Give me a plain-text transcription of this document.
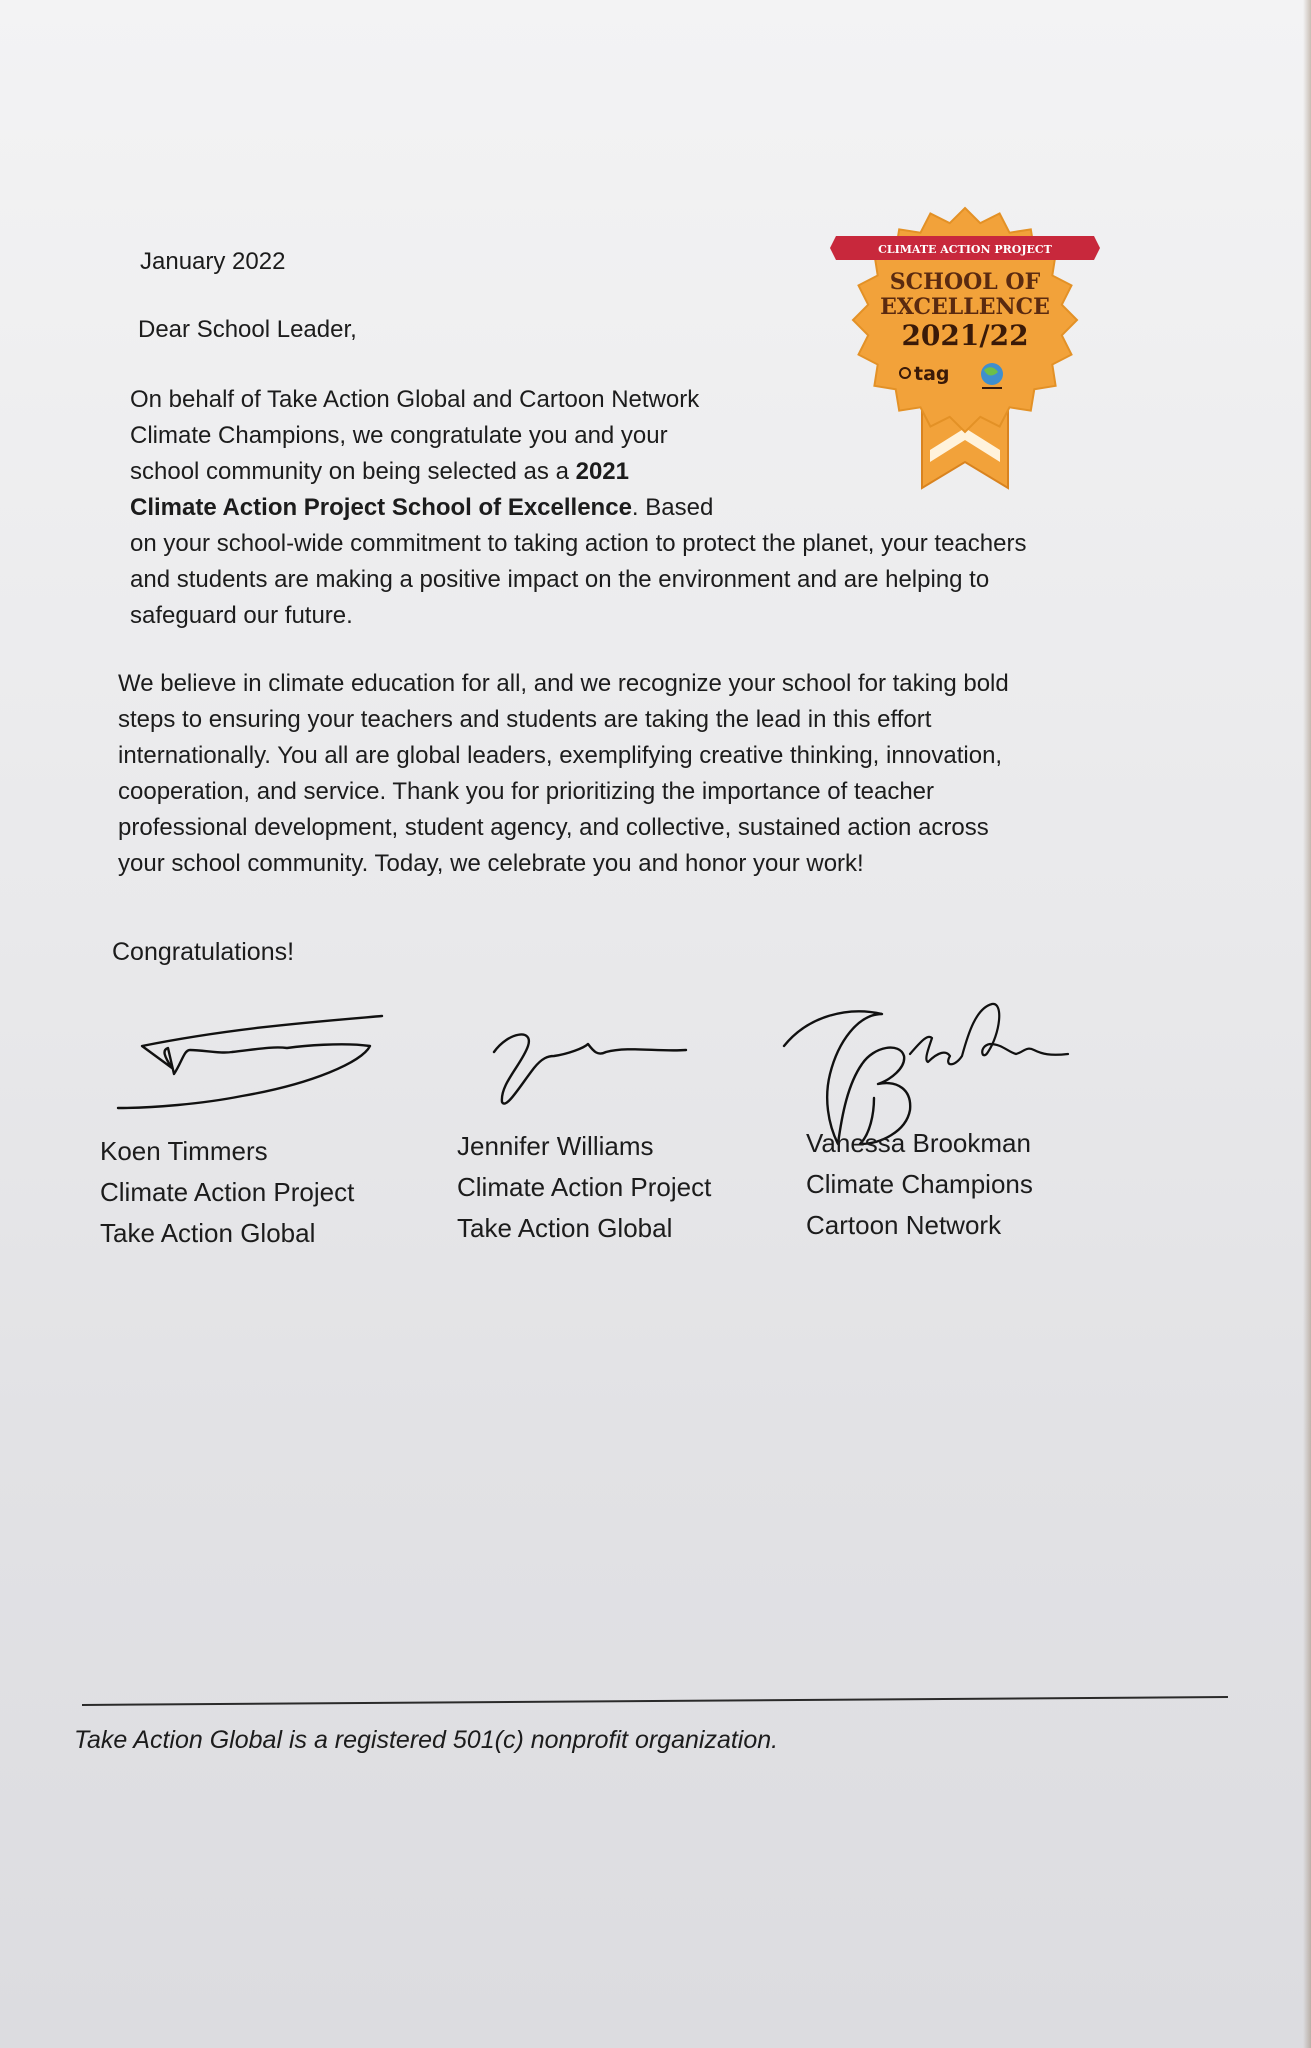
January 2022
Dear School Leader,

On behalf of Take Action Global and Cartoon Network

Climate Champions, we congratulate you and your

school community on being selected as a 2021

Climate Action Project School of Excellence. Based

on your school-wide commitment to taking action to protect the planet, your teachers

and students are making a positive impact on the environment and are helping to

safeguard our future.

We believe in climate education for all, and we recognize your school for taking bold

steps to ensuring your teachers and students are taking the lead in this effort

internationally. You all are global leaders, exemplifying creative thinking, innovation,

cooperation, and service. Thank you for prioritizing the importance of teacher

professional development, student agency, and collective, sustained action across

your school community. Today, we celebrate you and honor your work!

Congratulations!
Koen Timmers
Climate Action Project
Take Action Global
Jennifer Williams
Climate Action Project
Take Action Global
Vanessa Brookman
Climate Champions
Cartoon Network
CLIMATE ACTION PROJECT
SCHOOL OF
EXCELLENCE
2021/22
tag
Take Action Global is a registered 501(c) nonprofit organization.
